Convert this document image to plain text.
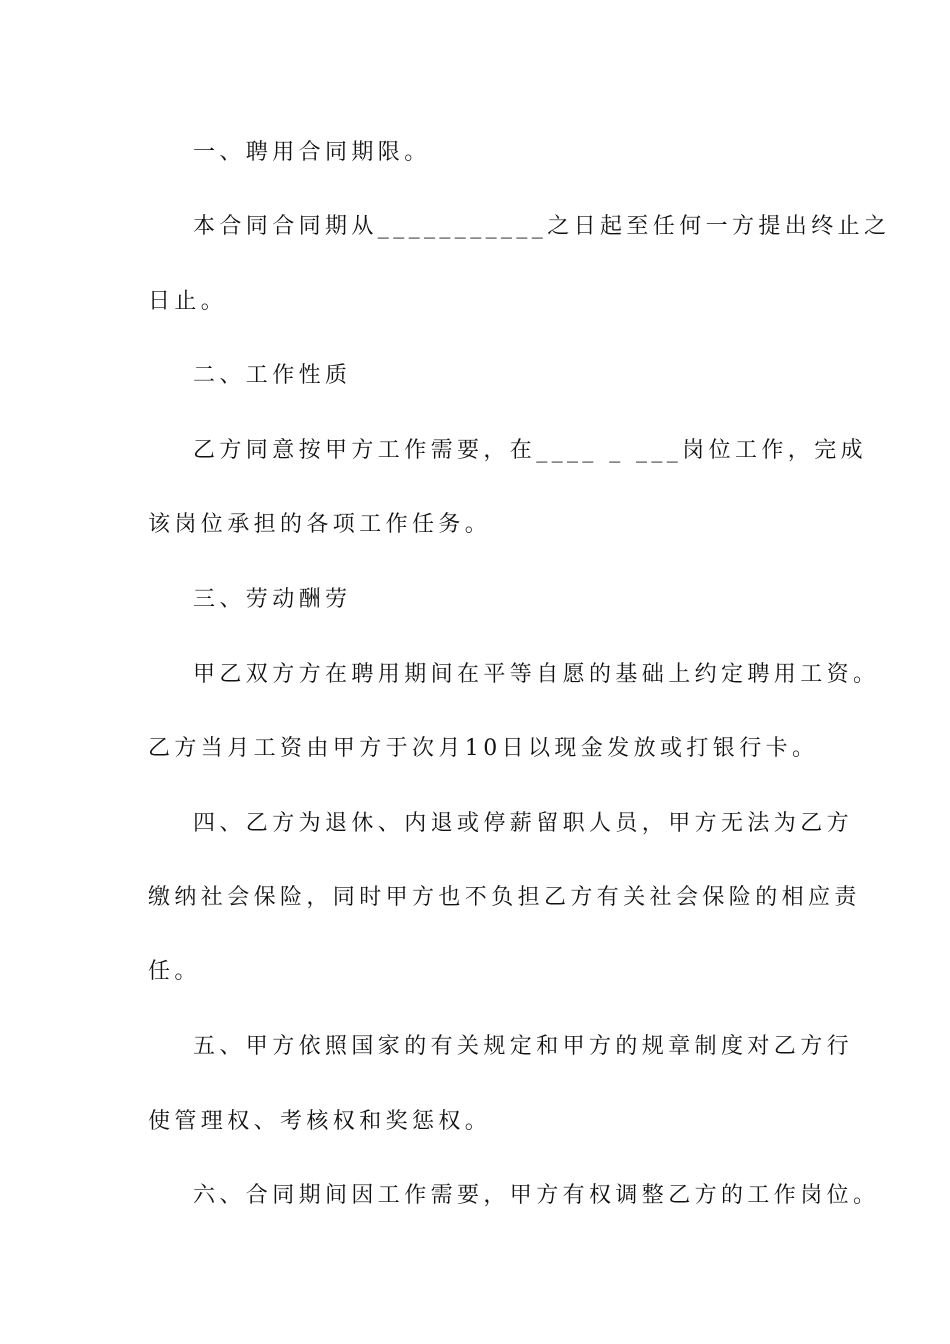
一、聘用合同期限。
本合同合同期从___________之日起至任何一方提出终止之
日止。
二、工作性质
乙方同意按甲方工作需要，在____ _ ___岗位工作，完成
该岗位承担的各项工作任务。
三、劳动酬劳
甲乙双方方在聘用期间在平等自愿的基础上约定聘用工资。
乙方当月工资由甲方于次月10日以现金发放或打银行卡。
四、乙方为退休、内退或停薪留职人员，甲方无法为乙方
缴纳社会保险，同时甲方也不负担乙方有关社会保险的相应责
任。
五、甲方依照国家的有关规定和甲方的规章制度对乙方行
使管理权、考核权和奖惩权。
六、合同期间因工作需要，甲方有权调整乙方的工作岗位。
